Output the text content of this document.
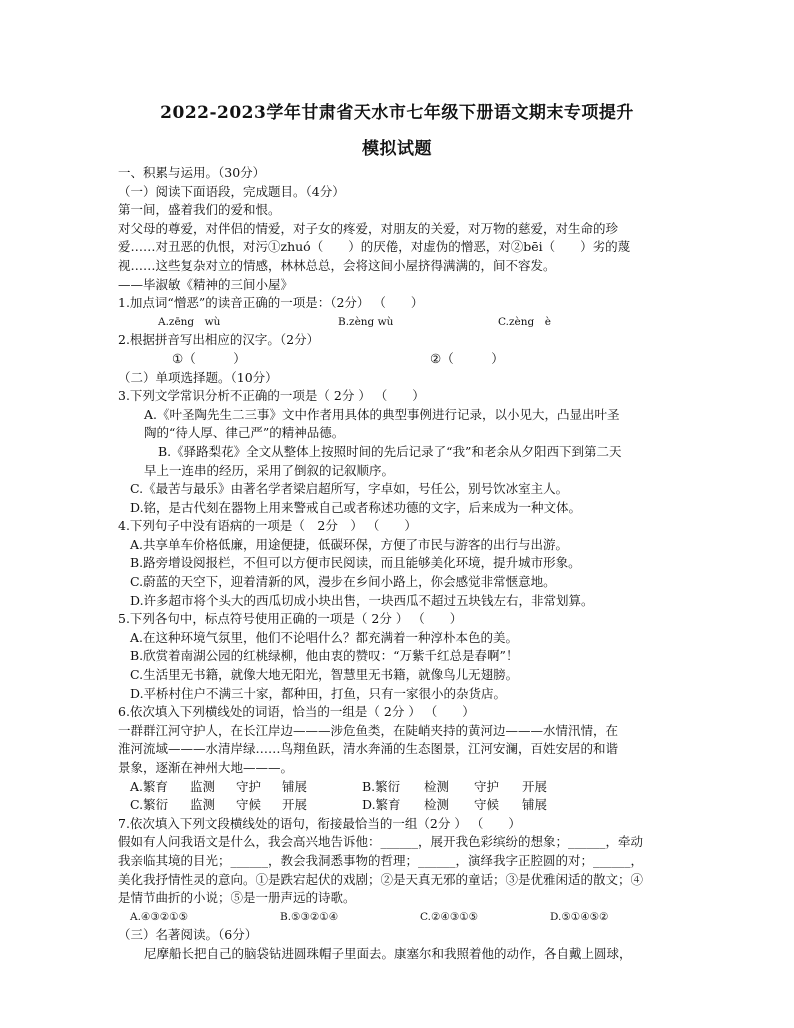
2022-2023学年甘肃省天水市七年级下册语文期末专项提升
模拟试题
一、积累与运用。（30分）
（一）阅读下面语段，完成题目。（4分）
第一间，盛着我们的爱和恨。
对父母的尊爱，对伴侣的情爱，对子女的疼爱，对朋友的关爱，对万物的慈爱，对生命的珍
爱……对丑恶的仇恨，对污①zhuó（　　）的厌倦，对虚伪的憎恶，对②bēi（　　）劣的蔑
视……这些复杂对立的情感，林林总总，会将这间小屋挤得满满的，间不容发。
——毕淑敏《精神的三间小屋》
1.加点词“憎恶”的读音正确的一项是：（2分） （　　）
A.zēng　wù	B.zèng wù	C.zèng　è
2.根据拼音写出相应的汉字。（2分）
①（　　　）	②（　　　）
（二）单项选择题。（10分）
3.下列文学常识分析不正确的一项是（ 2分 ） （　　）
A.《叶圣陶先生二三事》文中作者用具体的典型事例进行记录，以小见大，凸显出叶圣
陶的“待人厚、律己严”的精神品德。
B.《驿路梨花》全文从整体上按照时间的先后记录了“我”和老余从夕阳西下到第二天
早上一连串的经历，采用了倒叙的记叙顺序。
C.《最苦与最乐》由著名学者梁启超所写，字卓如，号任公，别号饮冰室主人。
D.铭，是古代刻在器物上用来警戒自己或者称述功德的文字，后来成为一种文体。
4.下列句子中没有语病的一项是（　2分　） （　　）
A.共享单车价格低廉，用途便捷，低碳环保，方便了市民与游客的出行与出游。
B.路旁增设阅报栏，不但可以方便市民阅读，而且能够美化环境，提升城市形象。
C.蔚蓝的天空下，迎着清新的风，漫步在乡间小路上，你会感觉非常惬意地。
D.许多超市将个头大的西瓜切成小块出售，一块西瓜不超过五块钱左右，非常划算。
5.下列各句中，标点符号使用正确的一项是（ 2分 ） （　　）
A.在这种环境气氛里，他们不论唱什么？都充满着一种淳朴本色的美。
B.欣赏着南湖公园的红桃绿柳，他由衷的赞叹：“万紫千红总是春啊”！
C.生活里无书籍，就像大地无阳光，智慧里无书籍，就像鸟儿无翅膀。
D.平桥村住户不满三十家，都种田，打鱼，只有一家很小的杂货店。
6.依次填入下列横线处的词语，恰当的一组是（ 2分 ） （　　）
一群群江河守护人，在长江岸边———涉危鱼类，在陡峭夹持的黄河边———水情汛情，在
淮河流域———水清岸绿……鸟翔鱼跃，清水奔涌的生态图景，江河安澜，百姓安居的和谐
景象，逐渐在神州大地———。
A.繁育	监测	守护	铺展	B.繁衍	检测	守护	开展
C.繁衍	监测	守候	开展	D.繁育	检测	守候	铺展
7.依次填入下列文段横线处的语句，衔接最恰当的一组（2分 ） （　　）
假如有人问我语文是什么，我会高兴地告诉他：______，展开我色彩缤纷的想象；______，牵动
我亲临其境的目光；______，教会我洞悉事物的哲理；______，演绎我字正腔圆的对；______，
美化我抒情性灵的意向。①是跌宕起伏的戏剧；②是天真无邪的童话；③是优雅闲适的散文；④
是情节曲折的小说；⑤是一册声远的诗歌。
A.④③②①⑤	B.⑤③②①④	C.②④③①⑤	D.⑤①④⑤②
（三）名著阅读。（6分）
尼摩船长把自己的脑袋钻进圆珠帽子里面去。康塞尔和我照着他的动作，各自戴上圆球，
